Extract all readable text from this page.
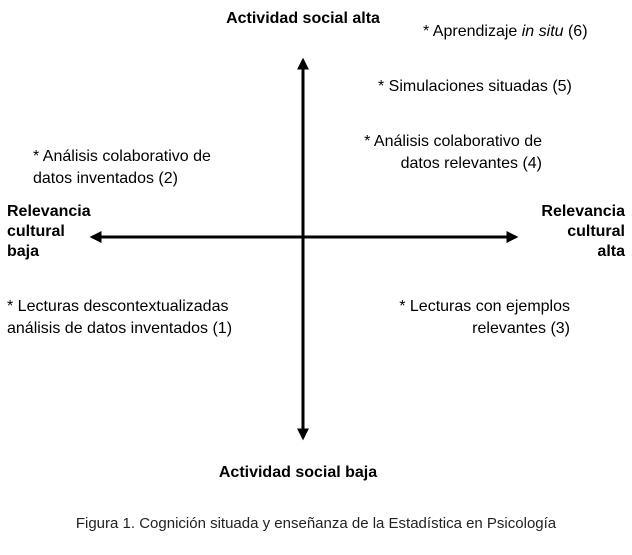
Actividad social alta
Actividad social baja
Relevancia
cultural
baja
Relevancia
cultural
alta
* Aprendizaje in situ (6)
* Simulaciones situadas (5)
* Análisis colaborativo de
datos relevantes (4)
* Análisis colaborativo de
datos inventados (2)
* Lecturas descontextualizadas
análisis de datos inventados (1)
* Lecturas con ejemplos
relevantes (3)
Figura 1. Cognición situada y enseñanza de la Estadística en Psicología
